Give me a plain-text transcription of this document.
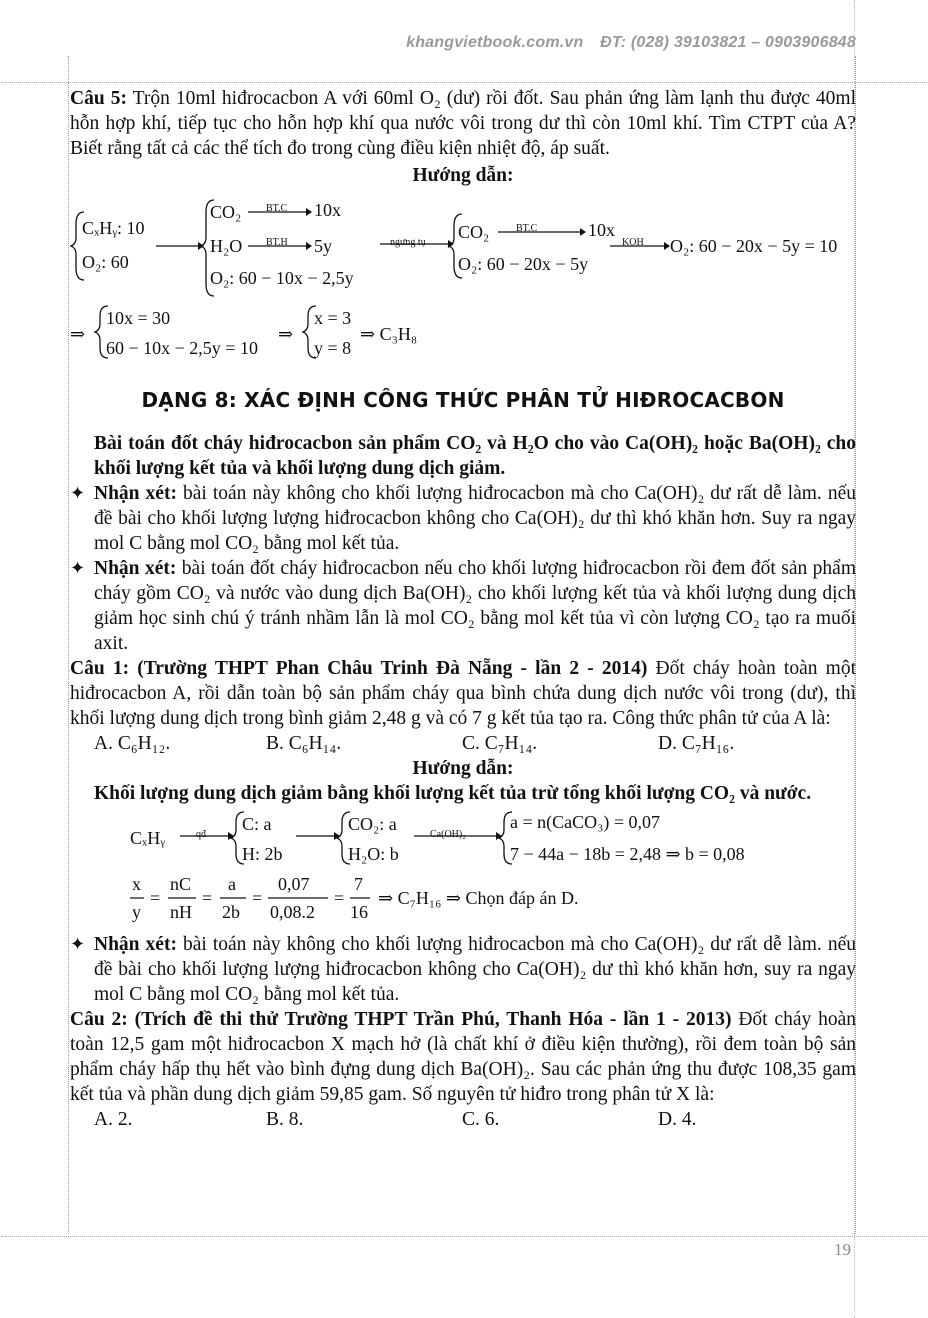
khangvietbook.com.vn ĐT: (028) 39103821 – 0903906848

Câu 5: Trộn 10ml hiđrocacbon A với 60ml O₂ (dư) rồi đốt. Sau phản ứng làm lạnh thu được 40ml hỗn hợp khí, tiếp tục cho hỗn hợp khí qua nước vôi trong dư thì còn 10ml khí. Tìm CTPT của A? Biết rằng tất cả các thể tích đo trong cùng điều kiện nhiệt độ, áp suất.

Hướng dẫn:

CₓHᵧ: 10
O₂: 60
CO₂ BT.C 10x
H₂O BT.H 5y
O₂: 60 − 10x − 2,5y
ngưng tụ
CO₂	BT.C	10x
O₂: 60 − 20x − 5y
KOH O₂: 60 − 20x − 5y = 10
⇒
10x = 30
60 − 10x − 2,5y = 10
⇒
x = 3
y = 8
⇒ C₃H₈
DẠNG 8: XÁC ĐỊNH CÔNG THỨC PHÂN TỬ HIĐROCACBON

Bài toán đốt cháy hiđrocacbon sản phẩm CO₂ và H₂O cho vào Ca(OH)₂ hoặc Ba(OH)₂ cho khối lượng kết tủa và khối lượng dung dịch giảm.

✦ Nhận xét: bài toán này không cho khối lượng hiđrocacbon mà cho Ca(OH)₂ dư rất dễ làm. nếu đề bài cho khối lượng lượng hiđrocacbon không cho Ca(OH)₂ dư thì khó khăn hơn. Suy ra ngay mol C bằng mol CO₂ bằng mol kết tủa.
✦ Nhận xét: bài toán đốt cháy hiđrocacbon nếu cho khối lượng hiđrocacbon rồi đem đốt sản phẩm cháy gồm CO₂ và nước vào dung dịch Ba(OH)₂ cho khối lượng kết tủa và khối lượng dung dịch giảm học sinh chú ý tránh nhầm lẫn là mol CO₂ bằng mol kết tủa vì còn lượng CO₂ tạo ra muối axit.

Câu 1: (Trường THPT Phan Châu Trinh Đà Nẵng - lần 2 - 2014) Đốt cháy hoàn toàn một hiđrocacbon A, rồi dẫn toàn bộ sản phẩm cháy qua bình chứa dung dịch nước vôi trong (dư), thì khối lượng dung dịch trong bình giảm 2,48 g và có 7 g kết tủa tạo ra. Công thức phân tử của A là:

A. C₆H₁₂.	B. C₆H₁₄.	C. C₇H₁₄.	D. C₇H₁₆.

Hướng dẫn:

Khối lượng dung dịch giảm bằng khối lượng kết tủa trừ tổng khối lượng CO₂ và nước.

CₓHᵧ	qđ
C: a
H: 2b
CO₂: a
H₂O: b
Ca(OH)₂
a = n(CaCO₃) = 0,07
7 − 44a − 18b = 2,48 ⇒ b = 0,08
x
y
=
nC
nH
=
a
2b
=
0,07
0,08.2
=
7
16
⇒ C₇H₁₆ ⇒ Chọn đáp án D.
✦ Nhận xét: bài toán này không cho khối lượng hiđrocacbon mà cho Ca(OH)₂ dư rất dễ làm. nếu đề bài cho khối lượng lượng hiđrocacbon không cho Ca(OH)₂ dư thì khó khăn hơn, suy ra ngay mol C bằng mol CO₂ bằng mol kết tủa.

Câu 2: (Trích đề thi thử Trường THPT Trần Phú, Thanh Hóa - lần 1 - 2013) Đốt cháy hoàn toàn 12,5 gam một hiđrocacbon X mạch hở (là chất khí ở điều kiện thường), rồi đem toàn bộ sản phẩm cháy hấp thụ hết vào bình đựng dung dịch Ba(OH)₂. Sau các phản ứng thu được 108,35 gam kết tủa và phần dung dịch giảm 59,85 gam. Số nguyên tử hiđro trong phân tử X là:

A. 2.	B. 8.	C. 6.	D. 4.
19
